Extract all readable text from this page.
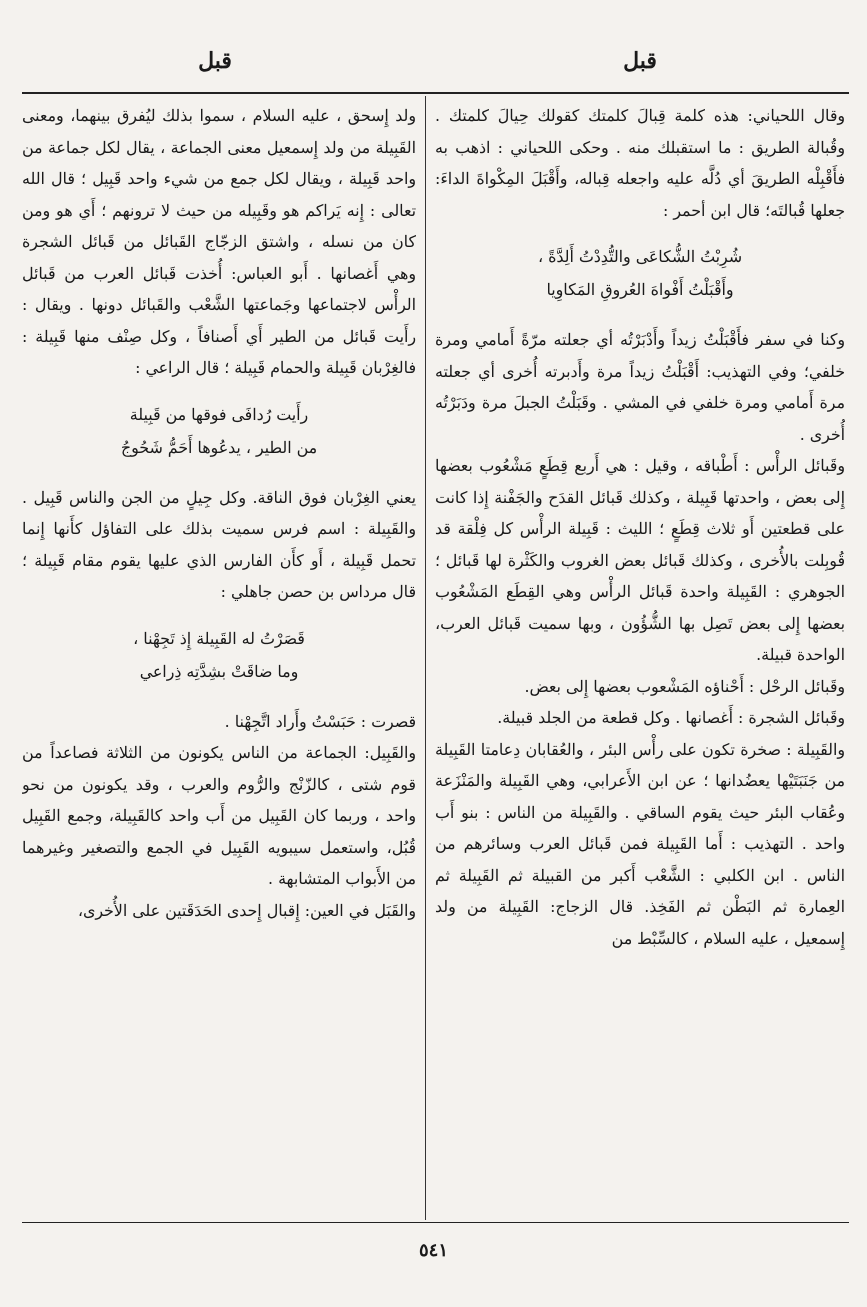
قبل
قبل

وقال اللحياني: هذه كلمة قِبالَ كلمتك كقولك حِيالَ كلمتك . وقُبالة الطريق : ما استقبلك منه . وحكى اللحياني : اذهب به فأَقْبِلْه الطريقَ أي دُلَّه عليه واجعله قِباله، وأَقْبَلَ المِكْواةَ الداءَ: جعلها قُبالتَه؛ قال ابن أحمر :

شُرِبْتُ الشُّكاعَى والتُّدِدْتُ أَلِدَّةً ،
وأَقْبَلْتُ أَفْواهَ العُروقِ المَكاوِيا

وكنا في سفر فأَقْبَلْتُ زيداً وأَدْبَرْتُه أي جعلته مرّةً أَمامي ومرة خلفي؛ وفي التهذيب: أَقْبَلْتُ زيداً مرة وأَدبرته أُخرى أي جعلته مرة أَمامي ومرة خلفي في المشي . وقَبَلْتُ الجبلَ مرة ودَبَرْتُه أُخرى .

وقَبائل الرأْس : أَطْباقه ، وقيل : هي أَربع قِطَعٍ مَشْعُوب بعضها إِلى بعض ، واحدتها قَبِيلة ، وكذلك قَبائل القدَح والجَفْنة إِذا كانت على قطعتين أَو ثلاث قِطَعٍ ؛ الليث : قَبِيلة الرأْس كل فِلْقة قد قُوبِلت بالأُخرى ، وكذلك قَبائل بعض الغروب والكَثْرة لها قَبائل ؛ الجوهري : القَبِيلة واحدة قَبائل الرأْس وهي القِطَع المَشْعُوب بعضها إِلى بعض تَصِل بها الشُّؤُون ، وبها سميت قَبائل العرب، الواحدة قبيلة.

وقَبائل الرحْل : أَحْناؤه المَشْعوب بعضها إِلى بعض.

وقَبائل الشجرة : أَغصانها . وكل قطعة من الجلد قبيلة.

والقَبِيلة : صخرة تكون على رأْس البئر ، والعُقابان دِعامتا القَبِيلة من جَنَبَتَيْها يعضُدانها ؛ عن ابن الأَعرابي، وهي القَبِيلة والمَنْزَعة وعُقاب البئر حيث يقوم الساقي . والقَبِيلة من الناس : بنو أَب واحد . التهذيب : أَما القَبِيلة فمن قَبائل العرب وسائرهم من الناس . ابن الكلبي : الشَّعْب أَكبر من القبيلة ثم القَبِيلة ثم العِمارة ثم البَطْن ثم الفَخِذ. قال الزجاج: القَبِيلة من ولد إِسمعيل ، عليه السلام ، كالسِّبْط من

ولد إِسحق ، عليه السلام ، سموا بذلك ليُفرق بينهما، ومعنى القَبِيلة من ولد إِسمعيل معنى الجماعة ، يقال لكل جماعة من واحد قَبِيلة ، ويقال لكل جمع من شيء واحد قَبِيل ؛ قال الله تعالى : إِنه يَراكم هو وقَبِيله من حيث لا ترونهم ؛ أَي هو ومن كان من نسله ، واشتق الزجّاج القَبائل من قَبائل الشجرة وهي أَغصانها . أَبو العباس: أُخذت قَبائل العرب من قَبائل الرأْس لاجتماعها وجَماعتها الشَّعْب والقَبائل دونها . ويقال : رأَيت قَبائل من الطير أَي أَصنافاً ، وكل صِنْف منها قَبِيلة : فالغِرْبان قَبِيلة والحمام قَبِيلة ؛ قال الراعي :

رأَيت رُدافَى فوقها من قَبِيلة
من الطير ، يدعُوها أَحَمُّ شَحُوجُ

يعني الغِرْبان فوق الناقة. وكل جِيلٍ من الجن والناس قَبِيل . والقَبِيلة : اسم فرس سميت بذلك على التفاؤل كأَنها إِنما تحمل قَبِيلة ، أَو كأَن الفارس الذي عليها يقوم مقام قَبِيلة ؛ قال مرداس بن حصن جاهلي :

قَصَرْتُ له القَبِيلة إِذ تَجِهْنا ،
وما ضاقَتْ بشِدَّتِه ذِراعي

قصرت : حَبَسْتُ وأَراد اتَّجِهْنا .

والقَبِيل: الجماعة من الناس يكونون من الثلاثة فصاعداً من قوم شتى ، كالزّنْج والرُّوم والعرب ، وقد يكونون من نحو واحد ، وربما كان القَبِيل من أَب واحد كالقَبِيلة، وجمع القَبِيل قُبُل، واستعمل سيبويه القَبِيل في الجمع والتصغير وغيرهما من الأَبواب المتشابهة .

والقَبَل في العين: إِقبال إِحدى الحَدَقَتين على الأُخرى،

٥٤١
